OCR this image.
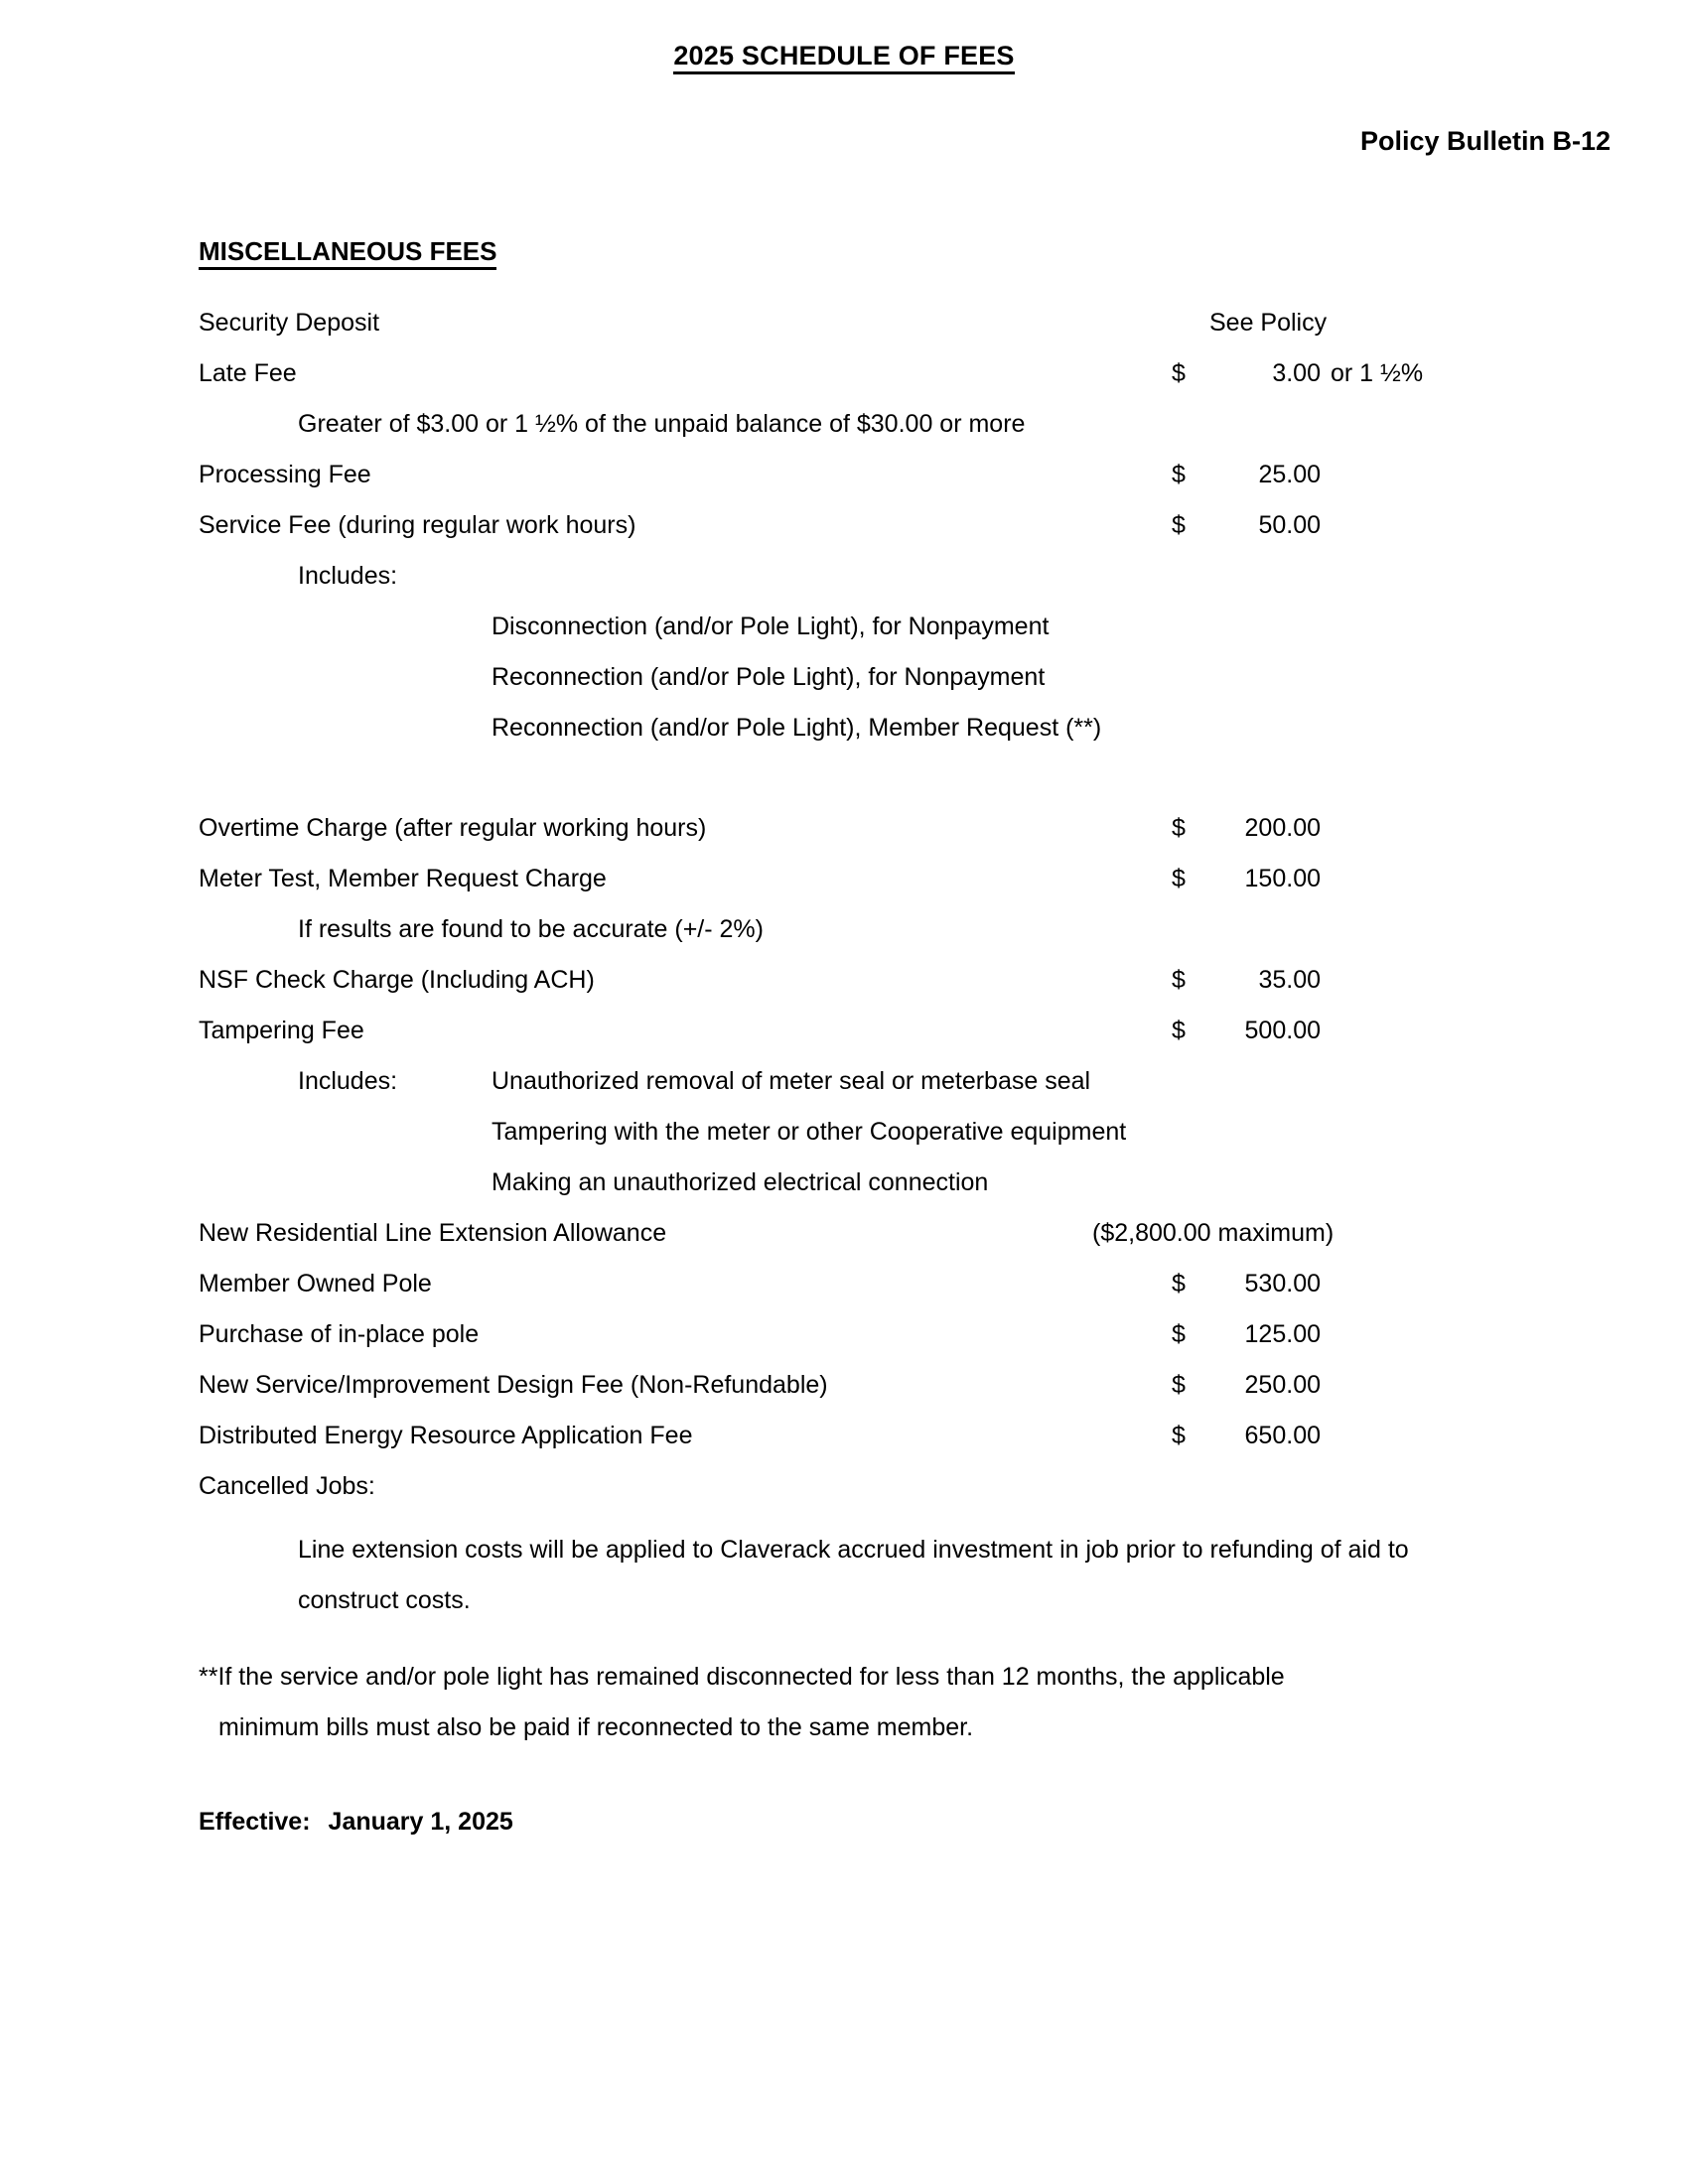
2025 SCHEDULE OF FEES
Policy Bulletin B-12
MISCELLANEOUS FEES
Security Deposit	See Policy
Late Fee	$	3.00 or 1 ½%
Greater of $3.00 or 1 ½% of the unpaid balance of $30.00 or more
Processing Fee	$	25.00
Service Fee (during regular work hours)	$	50.00
Includes:
Disconnection (and/or Pole Light), for Nonpayment
Reconnection (and/or Pole Light), for Nonpayment
Reconnection (and/or Pole Light), Member Request (**)
Overtime Charge (after regular working hours)	$	200.00
Meter Test, Member Request Charge	$	150.00
If results are found to be accurate (+/- 2%)
NSF Check Charge (Including ACH)	$	35.00
Tampering Fee	$	500.00
Includes:	Unauthorized removal of meter seal or meterbase seal
Tampering with the meter or other Cooperative equipment
Making an unauthorized electrical connection
New Residential Line Extension Allowance	($2,800.00 maximum)
Member Owned Pole	$	530.00
Purchase of in-place pole	$	125.00
New Service/Improvement Design Fee (Non-Refundable)	$	250.00
Distributed Energy Resource Application Fee	$	650.00
Cancelled Jobs:
Line extension costs will be applied to Claverack accrued investment in job prior to refunding of aid to construct costs.
**If the service and/or pole light has remained disconnected for less than 12 months, the applicable
minimum bills must also be paid if reconnected to the same member.
Effective: January 1, 2025
